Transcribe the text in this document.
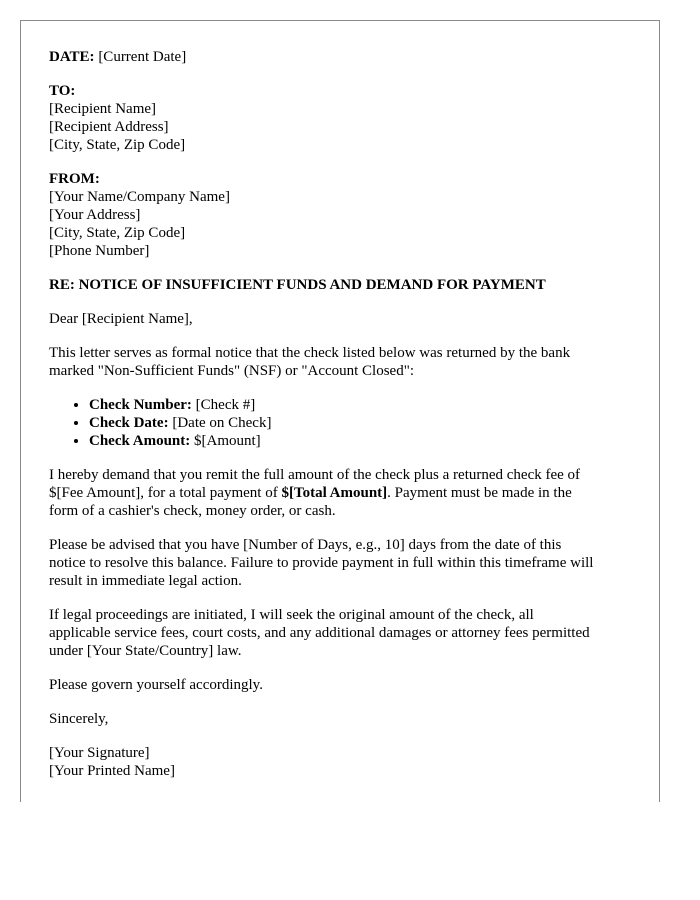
DATE: [Current Date]
TO:
[Recipient Name]
[Recipient Address]
[City, State, Zip Code]
FROM:
[Your Name/Company Name]
[Your Address]
[City, State, Zip Code]
[Phone Number]
RE: NOTICE OF INSUFFICIENT FUNDS AND DEMAND FOR PAYMENT
Dear [Recipient Name],
This letter serves as formal notice that the check listed below was returned by the bank
marked "Non-Sufficient Funds" (NSF) or "Account Closed":
• Check Number: [Check #]
• Check Date: [Date on Check]
• Check Amount: $[Amount]
I hereby demand that you remit the full amount of the check plus a returned check fee of
$[Fee Amount], for a total payment of $[Total Amount]. Payment must be made in the
form of a cashier's check, money order, or cash.
Please be advised that you have [Number of Days, e.g., 10] days from the date of this
notice to resolve this balance. Failure to provide payment in full within this timeframe will
result in immediate legal action.
If legal proceedings are initiated, I will seek the original amount of the check, all
applicable service fees, court costs, and any additional damages or attorney fees permitted
under [Your State/Country] law.
Please govern yourself accordingly.
Sincerely,
[Your Signature]
[Your Printed Name]
